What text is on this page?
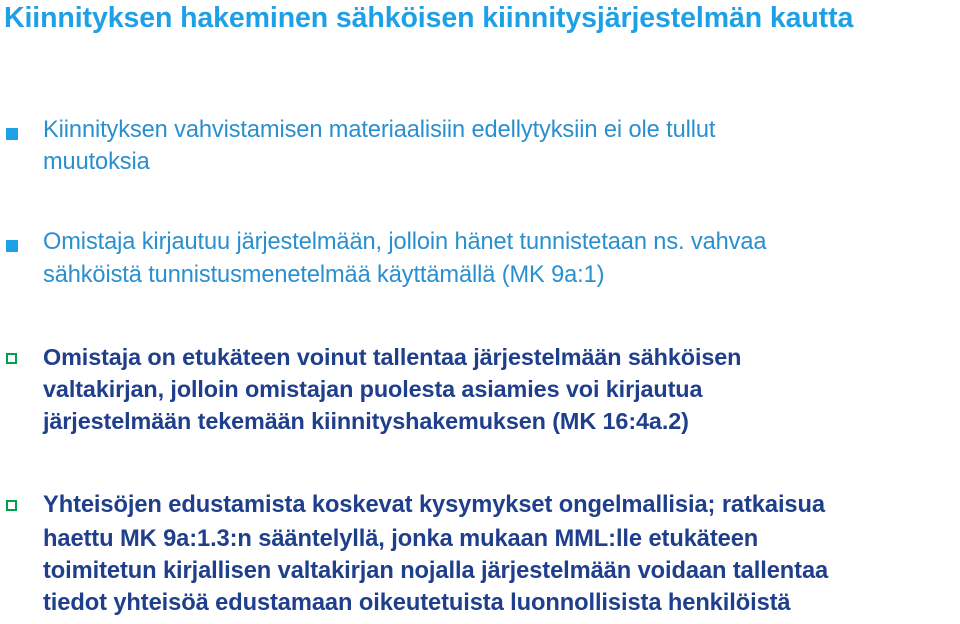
Kiinnityksen hakeminen sähköisen kiinnitysjärjestelmän kautta
Kiinnityksen vahvistamisen materiaalisiin edellytyksiin ei ole tullut
muutoksia
Omistaja kirjautuu järjestelmään, jolloin hänet tunnistetaan ns. vahvaa
sähköistä tunnistusmenetelmää käyttämällä (MK 9a:1)
Omistaja on etukäteen voinut tallentaa järjestelmään sähköisen
valtakirjan, jolloin omistajan puolesta asiamies voi kirjautua
järjestelmään tekemään kiinnityshakemuksen (MK 16:4a.2)
Yhteisöjen edustamista koskevat kysymykset ongelmallisia; ratkaisua
haettu MK 9a:1.3:n sääntelyllä, jonka mukaan MML:lle etukäteen
toimitetun kirjallisen valtakirjan nojalla järjestelmään voidaan tallentaa
tiedot yhteisöä edustamaan oikeutetuista luonnollisista henkilöistä
